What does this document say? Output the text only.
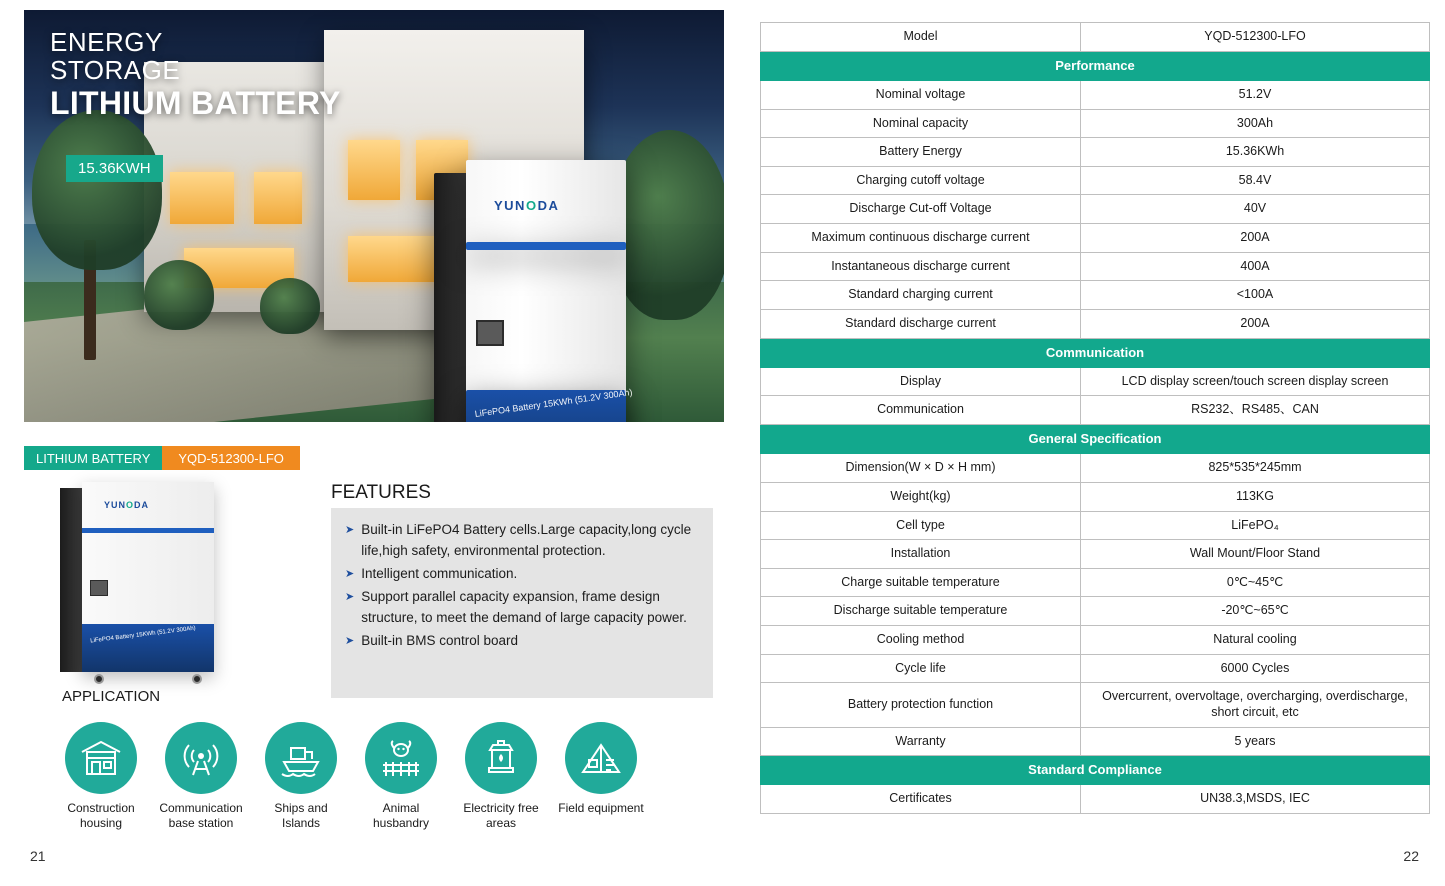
ENERGY
STORAGE
LITHIUM BATTERY
15.36KWH
YUNODA
LiFePO4 Battery 15KWh (51.2V 300Ah)
LITHIUM BATTERY	YQD-512300-LFO
YUNODA
LiFePO4 Battery 15KWh (51.2V 300Ah)
FEATURES
➤ Built-in LiFePO4 Battery cells.Large capacity,long cycle life,high safety, environmental protection.
➤ Intelligent communication.
➤ Support parallel capacity expansion, frame design structure, to meet the demand of large capacity power.
➤ Built-in BMS control board
APPLICATION
Construction housing
Communication base station
Ships and Islands
Animal husbandry
Electricity free areas
Field equipment
21
Model	YQD-512300-LFO
Performance	
Nominal voltage	51.2V
Nominal capacity	300Ah
Battery Energy	15.36KWh
Charging cutoff voltage	58.4V
Discharge Cut-off Voltage	40V
Maximum continuous discharge current	200A
Instantaneous discharge current	400A
Standard charging current	<100A
Standard discharge current	200A
Communication	
Display	LCD display screen/touch screen display screen
Communication	RS232、RS485、CAN
General Specification	
Dimension(W × D × H mm)	825*535*245mm
Weight(kg)	113KG
Cell type	LiFePO₄
Installation	Wall Mount/Floor Stand
Charge suitable temperature	0℃~45℃
Discharge suitable temperature	-20℃~65℃
Cooling method	Natural cooling
Cycle life	6000 Cycles
Battery protection function	Overcurrent, overvoltage, overcharging, overdischarge, short circuit, etc
Warranty	5 years
Standard Compliance	
Certificates	UN38.3,MSDS, IEC
22
